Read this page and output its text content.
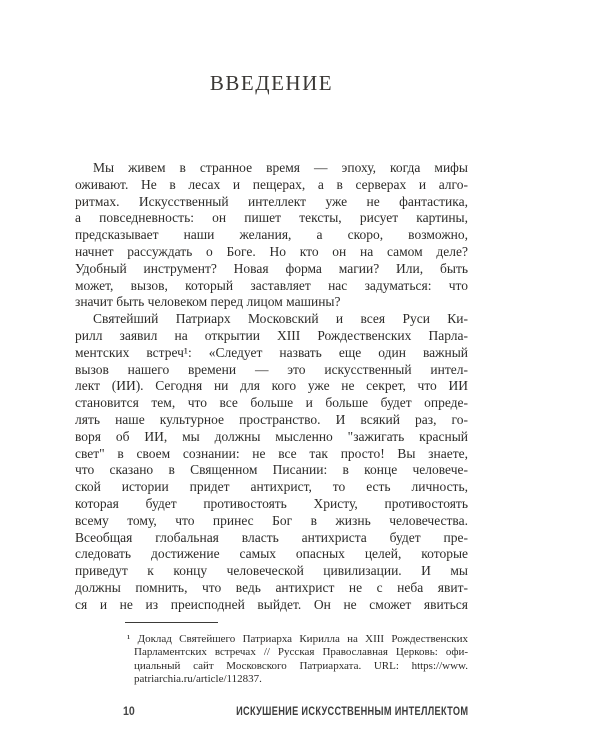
ВВЕДЕНИЕ
Мы живем в странное время — эпоху, когда мифы
оживают. Не в лесах и пещерах, а в серверах и алго-
ритмах. Искусственный интеллект уже не фантастика,
а повседневность: он пишет тексты, рисует картины,
предсказывает наши желания, а скоро, возможно,
начнет рассуждать о Боге. Но кто он на самом деле?
Удобный инструмент? Новая форма магии? Или, быть
может, вызов, который заставляет нас задуматься: что
значит быть человеком перед лицом машины?
Святейший Патриарх Московский и всея Руси Ки-
рилл заявил на открытии XIII Рождественских Парла-
ментских встреч¹: «Следует назвать еще один важный
вызов нашего времени — это искусственный интел-
лект (ИИ). Сегодня ни для кого уже не секрет, что ИИ
становится тем, что все больше и больше будет опреде-
лять наше культурное пространство. И всякий раз, го-
воря об ИИ, мы должны мысленно "зажигать красный
свет" в своем сознании: не все так просто! Вы знаете,
что сказано в Священном Писании: в конце человече-
ской истории придет антихрист, то есть личность,
которая будет противостоять Христу, противостоять
всему тому, что принес Бог в жизнь человечества.
Всеобщая глобальная власть антихриста будет пре-
следовать достижение самых опасных целей, которые
приведут к концу человеческой цивилизации. И мы
должны помнить, что ведь антихрист не с неба явит-
ся и не из преисподней выйдет. Он не сможет явиться
¹ Доклад Святейшего Патриарха Кирилла на XIII Рождественских
Парламентских встречах // Русская Православная Церковь: офи-
циальный сайт Московского Патриархата. URL: https://www.
patriarchia.ru/article/112837.
10	ИСКУШЕНИЕ ИСКУССТВЕННЫМ ИНТЕЛЛЕКТОМ
